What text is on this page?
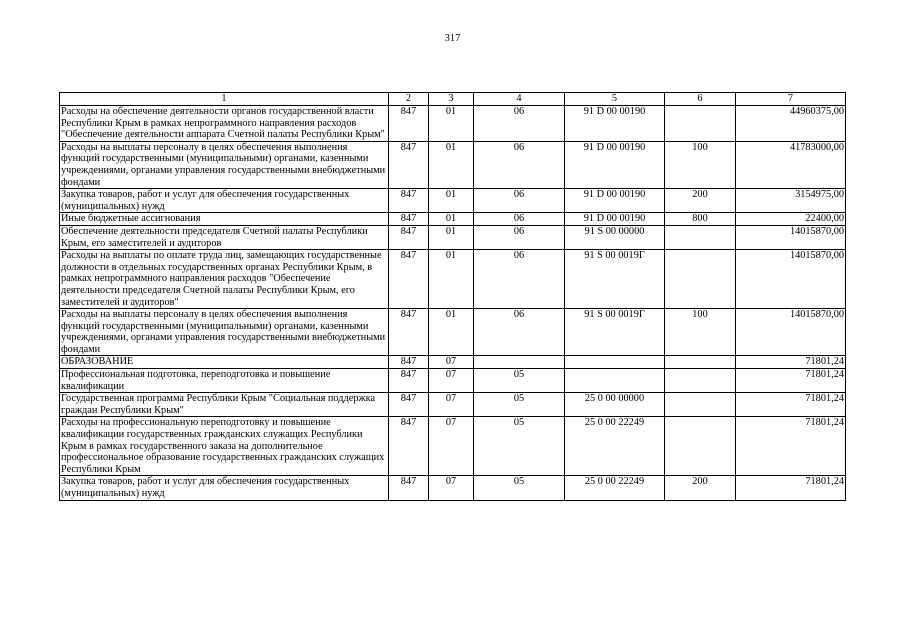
317
1	2	3	4	5	6	7
Расходы на обеспечение деятельности органов государственной власти Республики Крым в рамках непрограммного направления расходов "Обеспечение деятельности аппарата Счетной палаты Республики Крым"	847	01	06	91 D 00 00190		44960375,00
Расходы на выплаты персоналу в целях обеспечения выполнения функций государственными (муниципальными) органами, казенными учреждениями, органами управления государственными внебюджетными фондами	847	01	06	91 D 00 00190	100	41783000,00
Закупка товаров, работ и услуг для обеспечения государственных (муниципальных) нужд	847	01	06	91 D 00 00190	200	3154975,00
Иные бюджетные ассигнования	847	01	06	91 D 00 00190	800	22400,00
Обеспечение деятельности председателя Счетной палаты Республики Крым, его заместителей и аудиторов	847	01	06	91 S 00 00000		14015870,00
Расходы на выплаты по оплате труда лиц, замещающих государственные должности в отдельных государственных органах Республики Крым, в рамках непрограммного направления расходов "Обеспечение деятельности председателя Счетной палаты Республики Крым, его заместителей и аудиторов"	847	01	06	91 S 00 0019Г		14015870,00
Расходы на выплаты персоналу в целях обеспечения выполнения функций государственными (муниципальными) органами, казенными учреждениями, органами управления государственными внебюджетными фондами	847	01	06	91 S 00 0019Г	100	14015870,00
ОБРАЗОВАНИЕ	847	07				71801,24
Профессиональная подготовка, переподготовка и повышение квалификации	847	07	05			71801,24
Государственная программа Республики Крым "Социальная поддержка граждан Республики Крым"	847	07	05	25 0 00 00000		71801,24
Расходы на профессиональную переподготовку и повышение квалификации государственных гражданских служащих Республики Крым в рамках государственного заказа на дополнительное профессиональное образование государственных гражданских служащих Республики Крым	847	07	05	25 0 00 22249		71801,24
Закупка товаров, работ и услуг для обеспечения государственных (муниципальных) нужд	847	07	05	25 0 00 22249	200	71801,24
